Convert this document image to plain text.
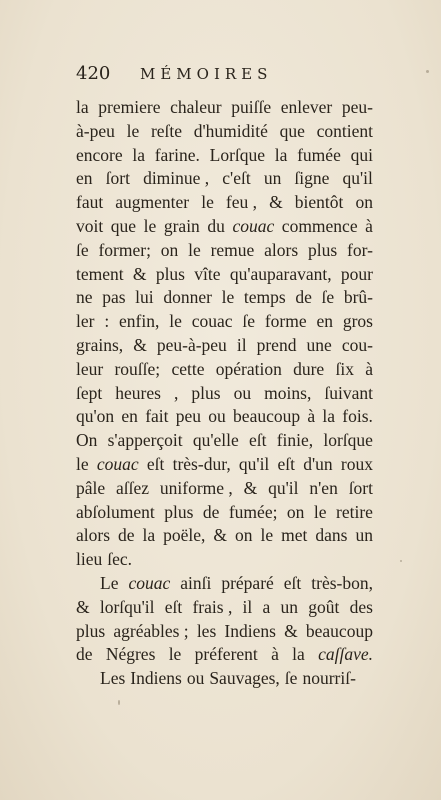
420 MÉMOIRES
la premiere chaleur puiſſe enlever peu-
à-peu le reſte d'humidité que contient
encore la farine. Lorſque la fumée qui
en ſort diminue , c'eſt un ſigne qu'il
faut augmenter le feu , & bientôt on
voit que le grain du couac commence à
ſe former; on le remue alors plus for-
tement & plus vîte qu'auparavant, pour
ne pas lui donner le temps de ſe brû-
ler : enfin, le couac ſe forme en gros
grains, & peu-à-peu il prend une cou-
leur rouſſe; cette opération dure ſix à
ſept heures , plus ou moins, ſuivant
qu'on en fait peu ou beaucoup à la fois.
On s'apperçoit qu'elle eſt finie, lorſque
le couac eſt très-dur, qu'il eſt d'un roux
pâle aſſez uniforme , & qu'il n'en ſort
abſolument plus de fumée; on le retire
alors de la poële, & on le met dans un
lieu ſec.
Le couac ainſi préparé eſt très-bon,
& lorſqu'il eſt frais , il a un goût des
plus agréables ; les Indiens & beaucoup
de Négres le préferent à la caſſave.
Les Indiens ou Sauvages, ſe nourriſ-
